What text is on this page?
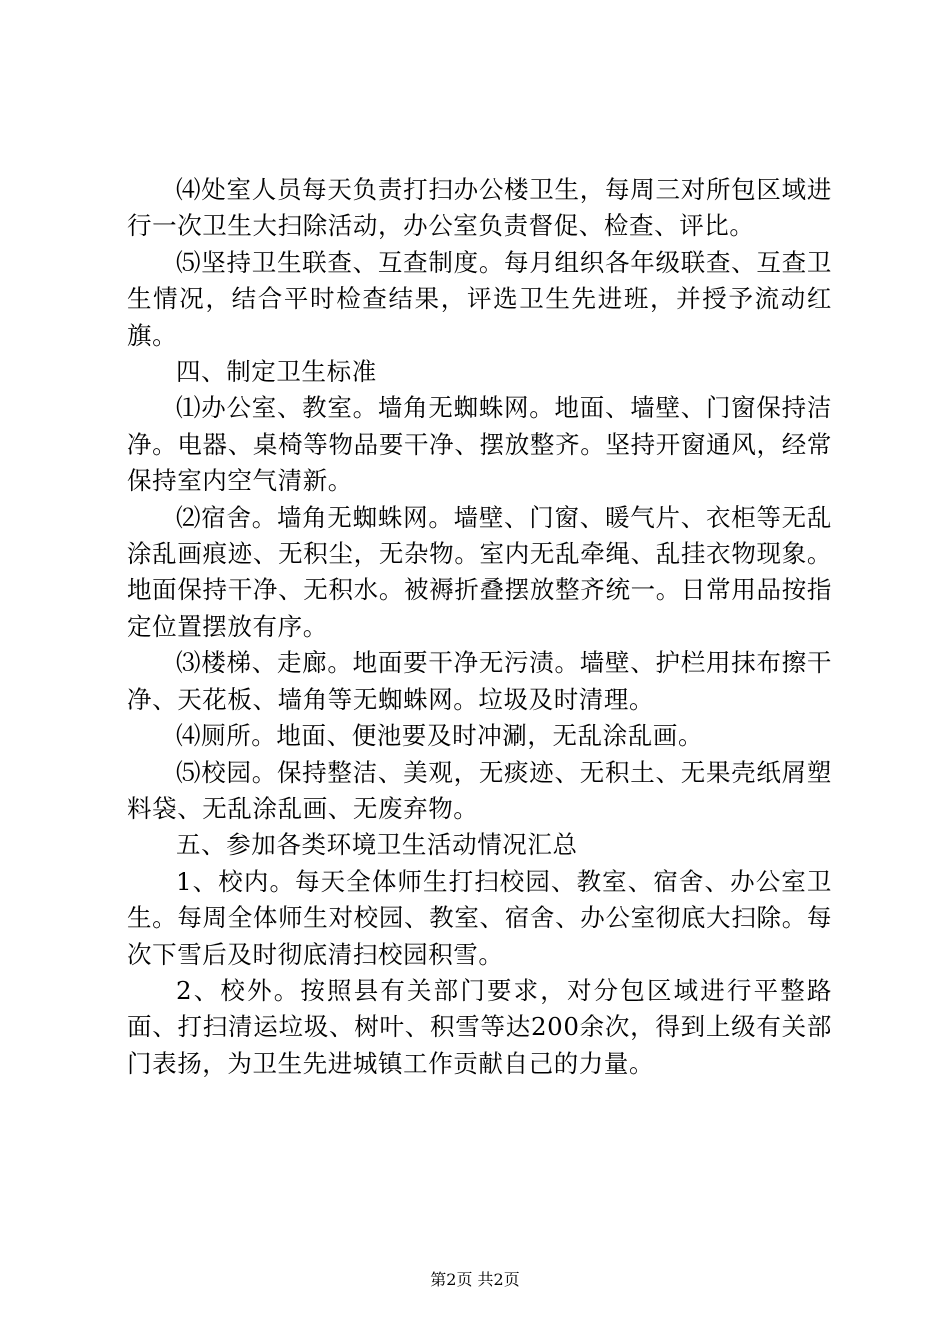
⑷处室人员每天负责打扫办公楼卫生，每周三对所包区域进行一次卫生大扫除活动，办公室负责督促、检查、评比。

⑸坚持卫生联查、互查制度。每月组织各年级联查、互查卫生情况，结合平时检查结果，评选卫生先进班，并授予流动红旗。

四、制定卫生标准

⑴办公室、教室。墙角无蜘蛛网。地面、墙壁、门窗保持洁净。电器、桌椅等物品要干净、摆放整齐。坚持开窗通风，经常保持室内空气清新。

⑵宿舍。墙角无蜘蛛网。墙壁、门窗、暖气片、衣柜等无乱涂乱画痕迹、无积尘，无杂物。室内无乱牵绳、乱挂衣物现象。地面保持干净、无积水。被褥折叠摆放整齐统一。日常用品按指定位置摆放有序。

⑶楼梯、走廊。地面要干净无污渍。墙壁、护栏用抹布擦干净、天花板、墙角等无蜘蛛网。垃圾及时清理。

⑷厕所。地面、便池要及时冲涮，无乱涂乱画。

⑸校园。保持整洁、美观，无痰迹、无积土、无果壳纸屑塑料袋、无乱涂乱画、无废弃物。

五、参加各类环境卫生活动情况汇总

1、校内。每天全体师生打扫校园、教室、宿舍、办公室卫生。每周全体师生对校园、教室、宿舍、办公室彻底大扫除。每次下雪后及时彻底清扫校园积雪。

2、校外。按照县有关部门要求，对分包区域进行平整路面、打扫清运垃圾、树叶、积雪等达200余次，得到上级有关部门表扬，为卫生先进城镇工作贡献自己的力量。

第2页 共2页
